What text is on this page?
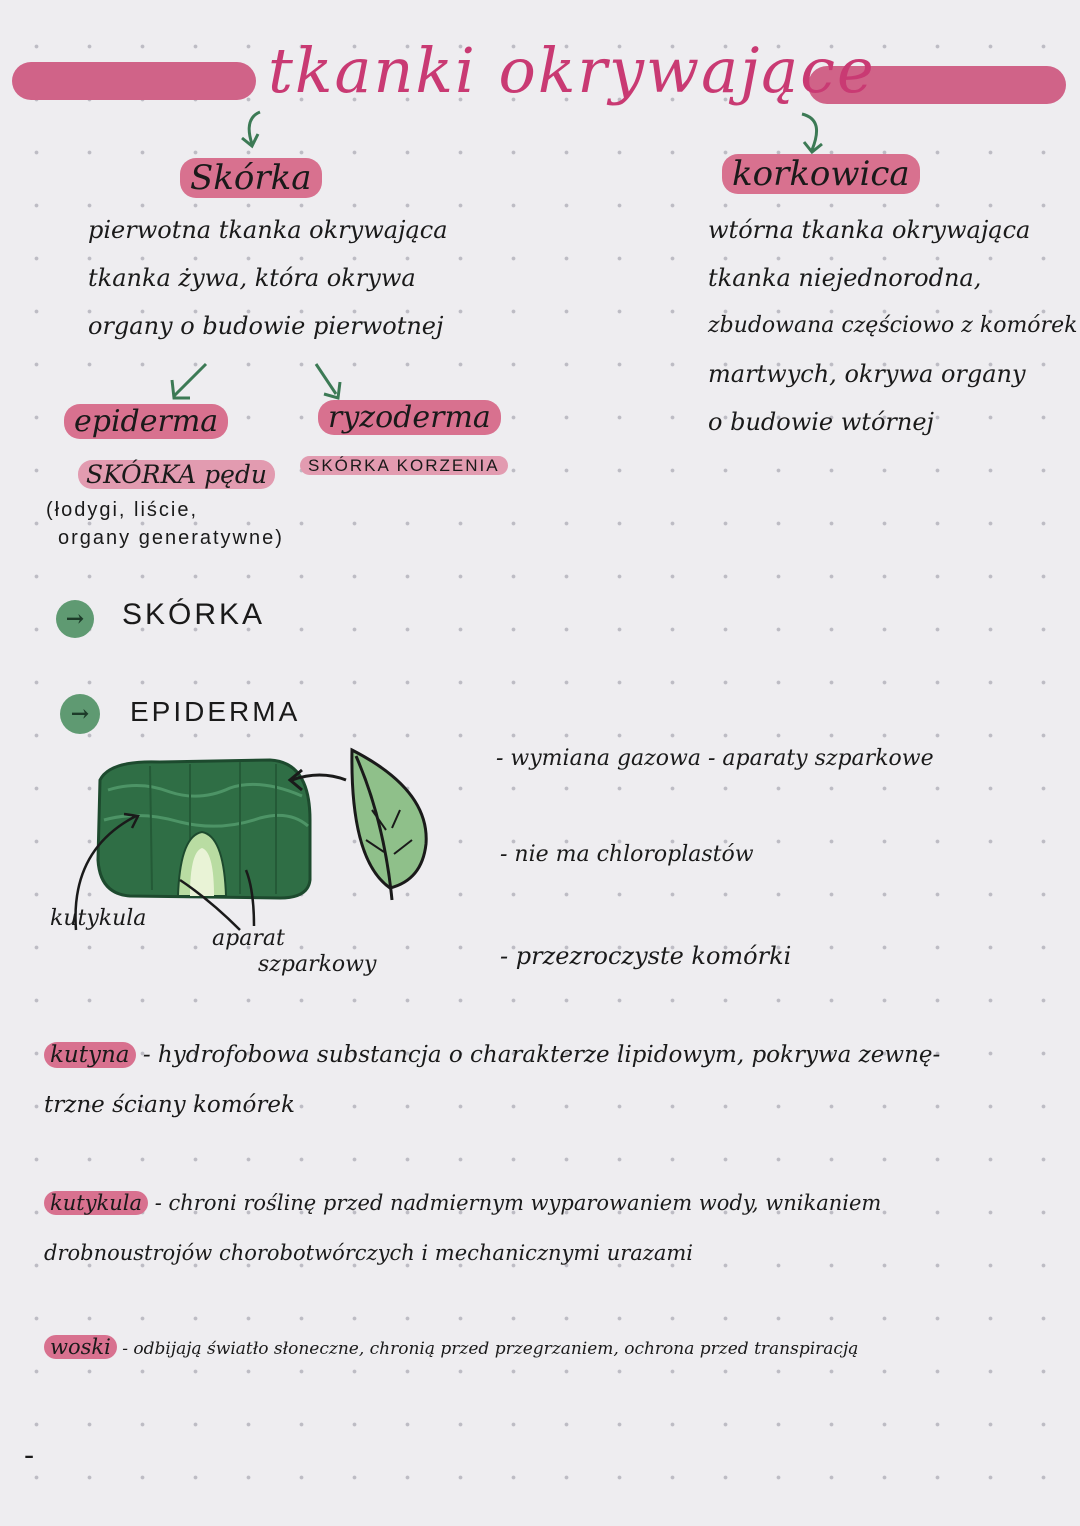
tkanki okrywające
Skórka
pierwotna tkanka okrywająca
tkanka żywa, która okrywa
organy o budowie pierwotnej
epiderma
SKÓRKA pędu
(łodygi, liście,
organy generatywne)
ryzoderma
SKÓRKA KORZENIA
korkowica
wtórna tkanka okrywająca
tkanka niejednorodna,
zbudowana częściowo z komórek
martwych, okrywa organy
o budowie wtórnej
→ SKÓRKA
→ EPIDERMA
kutykula
aparat
szparkowy
- wymiana gazowa - aparaty szparkowe
- nie ma chloroplastów
- przezroczyste komórki
kutyna - hydrofobowa substancja o charakterze lipidowym, pokrywa zewnę-
trzne ściany komórek
kutykula - chroni roślinę przed nadmiernym wyparowaniem wody, wnikaniem
drobnoustrojów chorobotwórczych i mechanicznymi urazami
woski - odbijają światło słoneczne, chronią przed przegrzaniem, ochrona przed transpiracją
-
